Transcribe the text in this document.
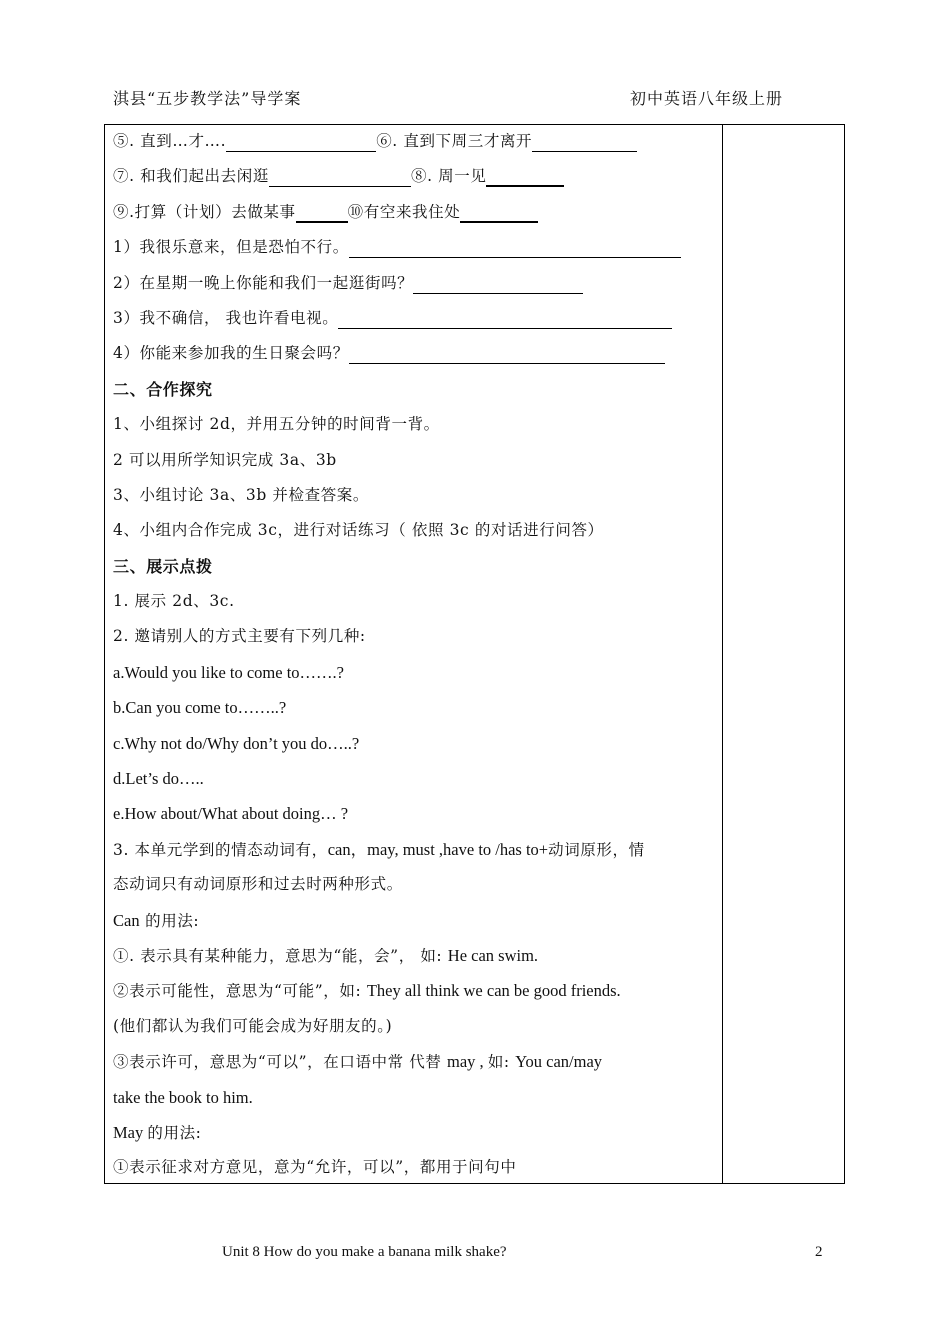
淇县“五步教学法”导学案	初中英语八年级上册
⑤. 直到…才….	⑥. 直到下周三才离开
⑦. 和我们起出去闲逛	⑧. 周一见
⑨.打算（计划）去做某事	⑩有空来我住处
1）我很乐意来，但是恐怕不行。
2）在星期一晚上你能和我们一起逛街吗？
3）我不确信， 我也许看电视。
4）你能来参加我的生日聚会吗？
二、合作探究
1、小组探讨 2d，并用五分钟的时间背一背。
2 可以用所学知识完成 3a、3b
3、小组讨论 3a、3b 并检查答案。
4、小组内合作完成 3c，进行对话练习（ 依照 3c 的对话进行问答）
三、展示点拨
1. 展示 2d、3c.
2. 邀请别人的方式主要有下列几种:
a.Would you like to come to…….?
b.Can you come to……..?
c.Why not do/Why don’t you do…..?
d.Let’s do…..
e.How about/What about doing… ?
3. 本单元学到的情态动词有，can，may, must ,have to /has to+动词原形，情
态动词只有动词原形和过去时两种形式。
Can 的用法:
①. 表示具有某种能力，意思为“能，会”， 如: He can swim.
②表示可能性，意思为“可能”，如: They all think we can be good friends.
(他们都认为我们可能会成为好朋友的。)
③表示许可，意思为“可以”，在口语中常 代替 may , 如: You can/may
take the book to him.
May 的用法:
①表示征求对方意见，意为“允许，可以”，都用于问句中
Unit 8 How do you make a banana milk shake?	2
